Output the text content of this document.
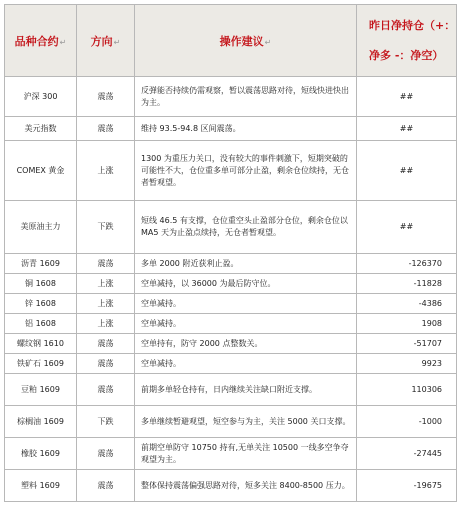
品种合约↵	方向↵	操作建议↵	昨日净持仓（+：
净多 -：净空）

沪深 300	震荡	反弹能否持续仍需观察，暂以震荡思路对待，短线快进快出为主。	##
美元指数	震荡	维持 93.5-94.8 区间震荡。	##
COMEX 黄金	上涨	1300 为重压力关口，没有较大的事件刺激下，短期突破的可能性不大，仓位重多单可部分止盈，剩余仓位续持，无仓者暂观望。	##
美原油主力	下跌	短线 46.5 有支撑，仓位重空头止盈部分仓位，剩余仓位以 MA5 天为止盈点续持，无仓者暂观望。	##
沥青 1609	震荡	多单 2000 附近获利止盈。	-126370
铜 1608	上涨	空单减持，以 36000 为最后防守位。	-11828
锌 1608	上涨	空单减持。	-4386
铝 1608	上涨	空单减持。	1908
螺纹钢 1610	震荡	空单持有，防守 2000 点整数关。	-51707
铁矿石 1609	震荡	空单减持。	9923
豆粕 1609	震荡	前期多单轻仓持有，日内继续关注缺口附近支撑。	110306
棕榈油 1609	下跌	多单继续暂避观望，短空参与为主，关注 5000 关口支撑。	-1000
橡胶 1609	震荡	前期空单防守 10750 持有,无单关注 10500 一线多空争夺观望为主。	-27445
塑料 1609	震荡	整体保持震荡偏强思路对待，短多关注 8400-8500 压力。	-19675
